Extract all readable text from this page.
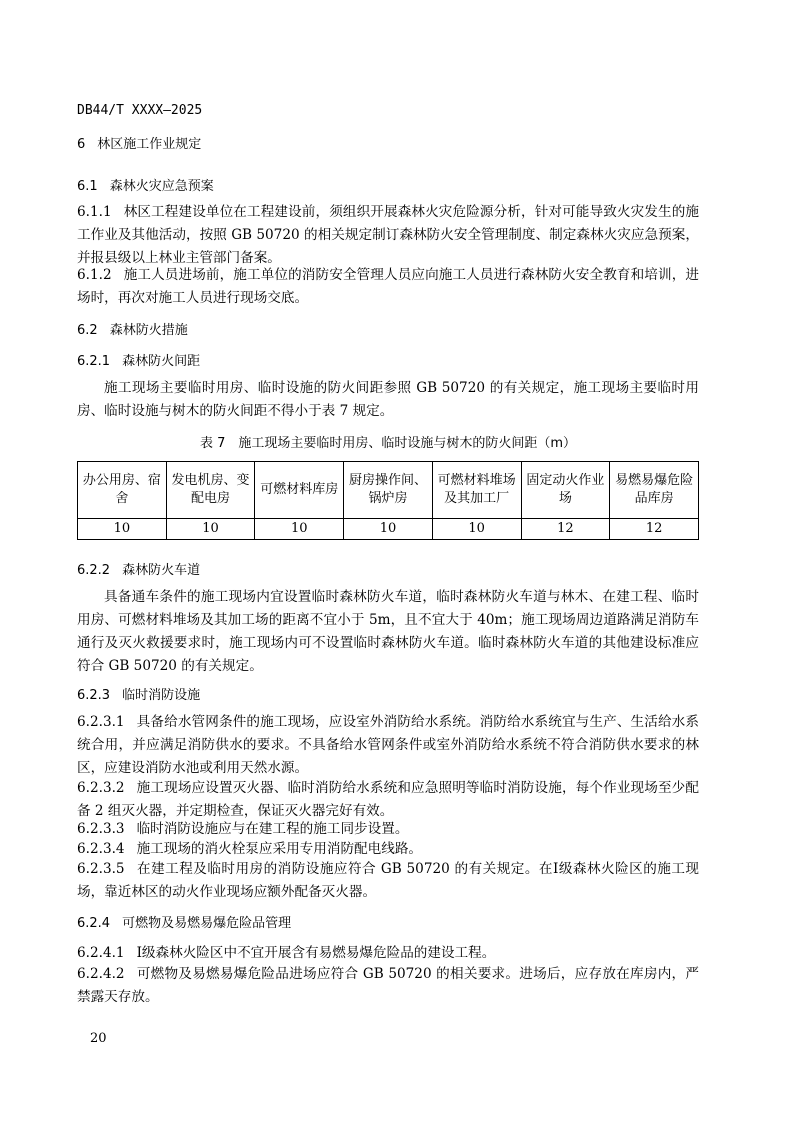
DB44/T XXXX—2025
6 林区施工作业规定
6.1 森林火灾应急预案
6.1.1 林区工程建设单位在工程建设前，须组织开展森林火灾危险源分析，针对可能导致火灾发生的施工作业及其他活动，按照 GB 50720 的相关规定制订森林防火安全管理制度、制定森林火灾应急预案，并报县级以上林业主管部门备案。
6.1.2 施工人员进场前，施工单位的消防安全管理人员应向施工人员进行森林防火安全教育和培训，进场时，再次对施工人员进行现场交底。
6.2 森林防火措施
6.2.1 森林防火间距
施工现场主要临时用房、临时设施的防火间距参照 GB 50720 的有关规定，施工现场主要临时用房、临时设施与树木的防火间距不得小于表 7 规定。
表 7　施工现场主要临时用房、临时设施与树木的防火间距（m）
办公用房、宿舍	发电机房、变配电房	可燃材料库房	厨房操作间、锅炉房	可燃材料堆场及其加工厂	固定动火作业场	易燃易爆危险品库房
10	10	10	10	10	12	12
6.2.2 森林防火车道
具备通车条件的施工现场内宜设置临时森林防火车道，临时森林防火车道与林木、在建工程、临时用房、可燃材料堆场及其加工场的距离不宜小于 5m，且不宜大于 40m；施工现场周边道路满足消防车通行及灭火救援要求时，施工现场内可不设置临时森林防火车道。临时森林防火车道的其他建设标准应符合 GB 50720 的有关规定。
6.2.3 临时消防设施
6.2.3.1 具备给水管网条件的施工现场，应设室外消防给水系统。消防给水系统宜与生产、生活给水系统合用，并应满足消防供水的要求。不具备给水管网条件或室外消防给水系统不符合消防供水要求的林区，应建设消防水池或利用天然水源。
6.2.3.2 施工现场应设置灭火器、临时消防给水系统和应急照明等临时消防设施，每个作业现场至少配备 2 组灭火器，并定期检查，保证灭火器完好有效。
6.2.3.3 临时消防设施应与在建工程的施工同步设置。
6.2.3.4 施工现场的消火栓泵应采用专用消防配电线路。
6.2.3.5 在建工程及临时用房的消防设施应符合 GB 50720 的有关规定。在Ⅰ级森林火险区的施工现场，靠近林区的动火作业现场应额外配备灭火器。
6.2.4 可燃物及易燃易爆危险品管理
6.2.4.1 Ⅰ级森林火险区中不宜开展含有易燃易爆危险品的建设工程。
6.2.4.2 可燃物及易燃易爆危险品进场应符合 GB 50720 的相关要求。进场后，应存放在库房内，严禁露天存放。
20
